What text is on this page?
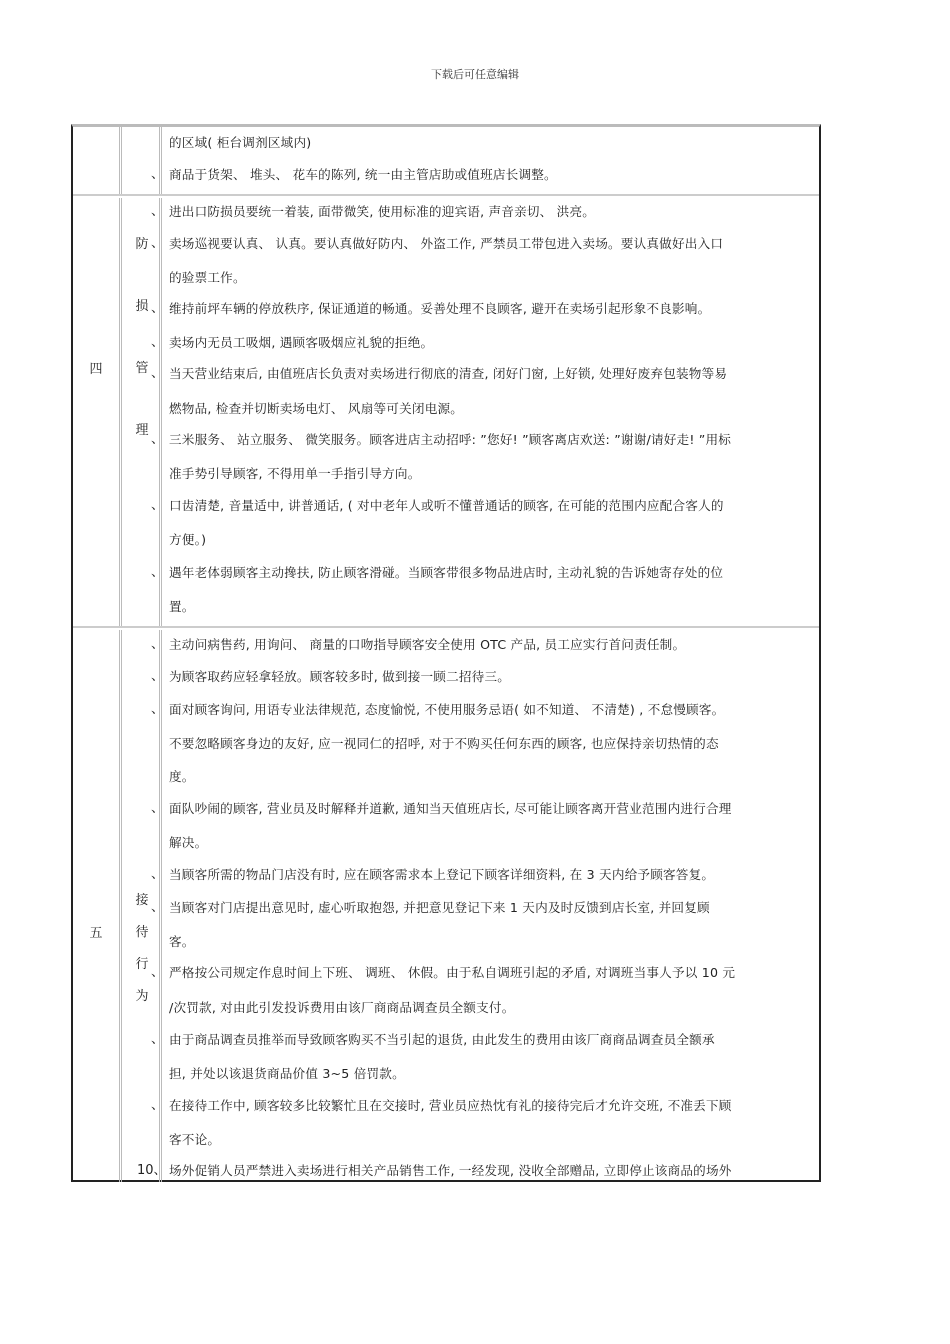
下载后可任意编辑
、
的区域( 柜台调剂区域内)
商品于货架、 堆头、 花车的陈列, 统一由主管店助或值班店长调整。
四
防
损
管
理
、
、
、
、
、
、
、
、
进出口防损员要统一着装, 面带微笑, 使用标准的迎宾语, 声音亲切、 洪亮。
卖场巡视要认真、 认真。要认真做好防内、 外盗工作, 严禁员工带包进入卖场。要认真做好出入口
的验票工作。
维持前坪车辆的停放秩序, 保证通道的畅通。妥善处理不良顾客, 避开在卖场引起形象不良影响。
卖场内无员工吸烟, 遇顾客吸烟应礼貌的拒绝。
当天营业结束后, 由值班店长负责对卖场进行彻底的清查, 闭好门窗, 上好锁, 处理好废弃包装物等易
燃物品, 检查并切断卖场电灯、 风扇等可关闭电源。
三米服务、 站立服务、 微笑服务。顾客进店主动招呼: ”您好! ”顾客离店欢送: ”谢谢/请好走! ”用标
准手势引导顾客, 不得用单一手指引导方向。
口齿清楚, 音量适中, 讲普通话, ( 对中老年人或听不懂普通话的顾客, 在可能的范围内应配合客人的
方便。)
遇年老体弱顾客主动搀扶, 防止顾客滑碰。当顾客带很多物品进店时, 主动礼貌的告诉她寄存处的位
置。
五
接
待
行
为
、
、
、
、
、
、
、
、
、
10、
主动问病售药, 用询问、 商量的口吻指导顾客安全使用 OTC 产品, 员工应实行首问责任制。
为顾客取药应轻拿轻放。顾客较多时, 做到接一顾二招待三。
面对顾客询问, 用语专业法律规范, 态度愉悦, 不使用服务忌语( 如不知道、 不清楚) , 不怠慢顾客。
不要忽略顾客身边的友好, 应一视同仁的招呼, 对于不购买任何东西的顾客, 也应保持亲切热情的态
度。
面队吵闹的顾客, 营业员及时解释并道歉, 通知当天值班店长, 尽可能让顾客离开营业范围内进行合理
解决。
当顾客所需的物品门店没有时, 应在顾客需求本上登记下顾客详细资料, 在 3 天内给予顾客答复。
当顾客对门店提出意见时, 虚心听取抱怨, 并把意见登记下来 1 天内及时反馈到店长室, 并回复顾
客。
严格按公司规定作息时间上下班、 调班、 休假。由于私自调班引起的矛盾, 对调班当事人予以 10 元
/次罚款, 对由此引发投诉费用由该厂商商品调查员全额支付。
由于商品调查员推举而导致顾客购买不当引起的退货, 由此发生的费用由该厂商商品调查员全额承
担, 并处以该退货商品价值 3~5 倍罚款。
在接待工作中, 顾客较多比较繁忙且在交接时, 营业员应热忱有礼的接待完后才允许交班, 不准丢下顾
客不论。
场外促销人员严禁进入卖场进行相关产品销售工作, 一经发现, 没收全部赠品, 立即停止该商品的场外
